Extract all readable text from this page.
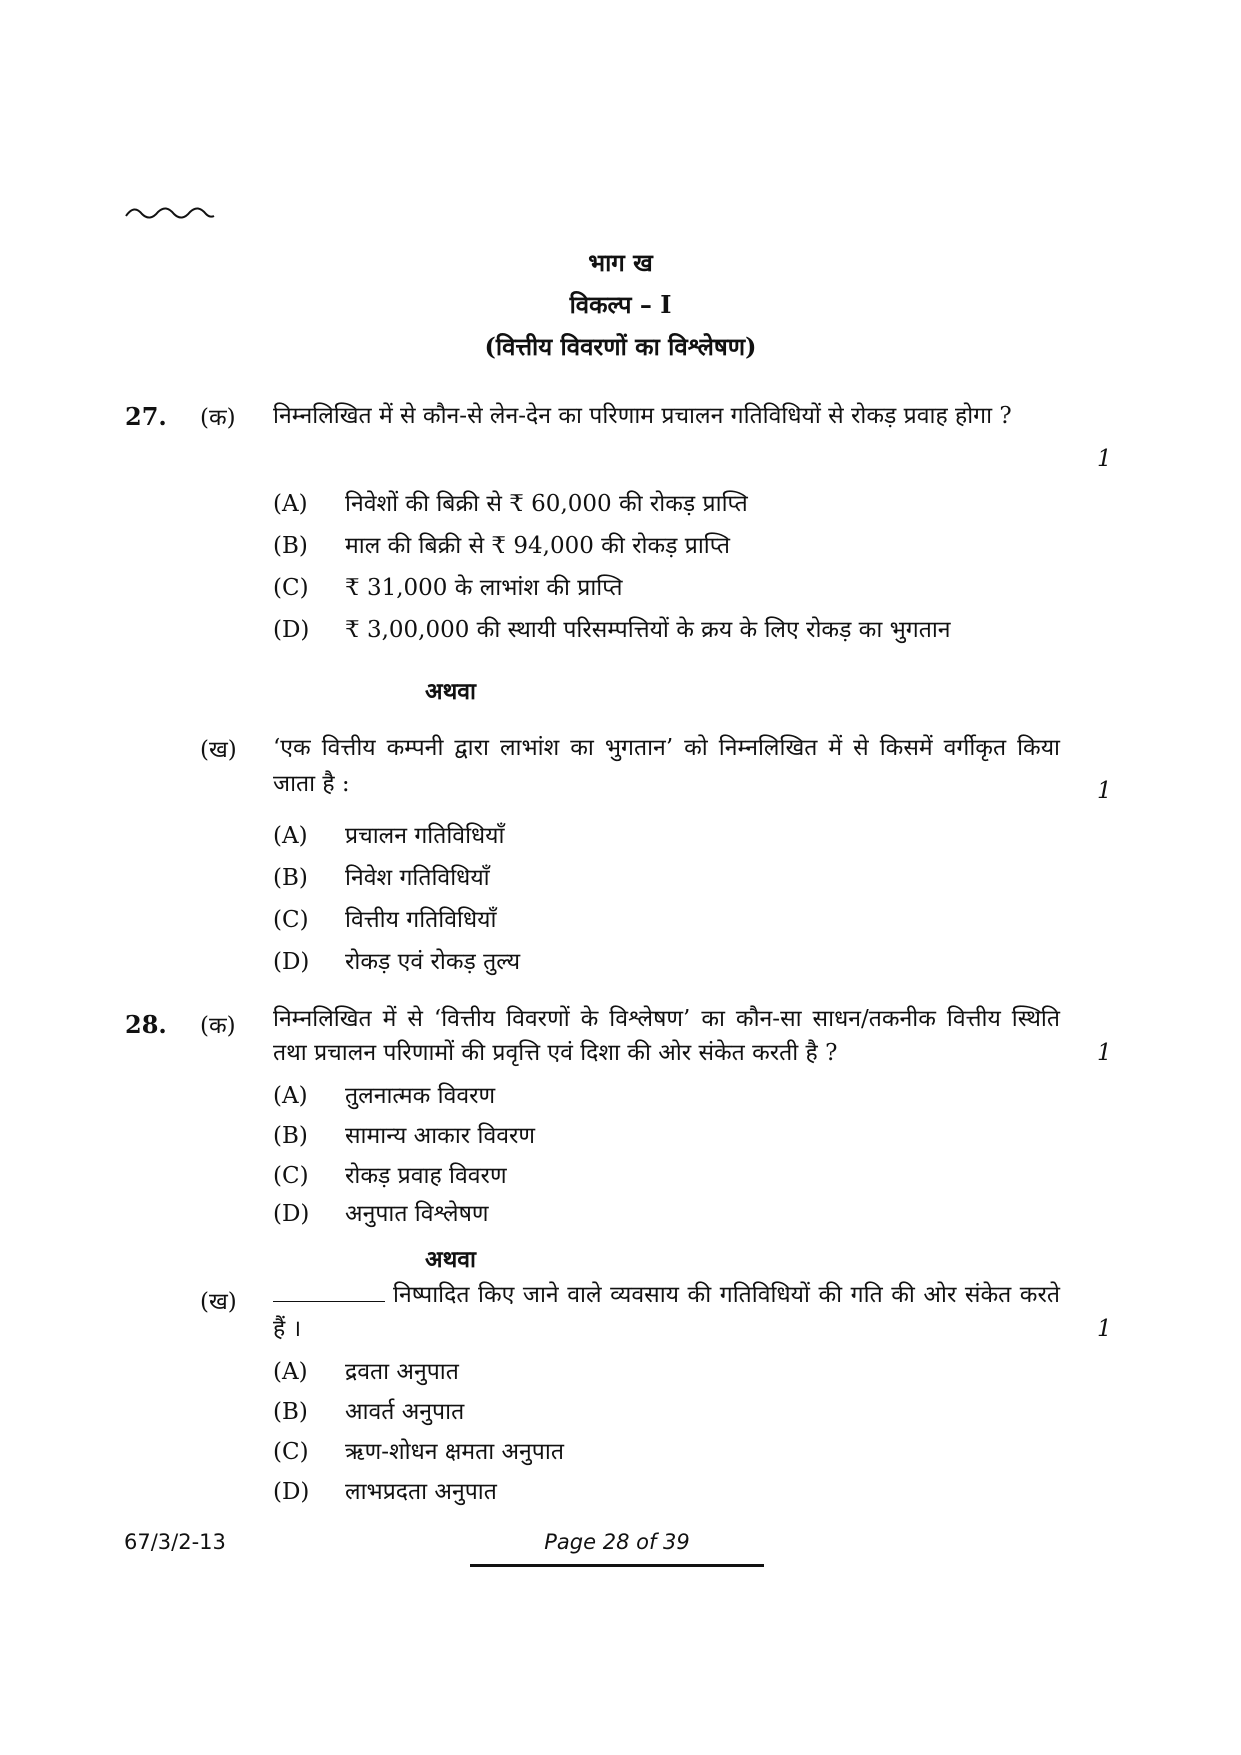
भाग ख
विकल्प – I
(वित्तीय विवरणों का विश्लेषण)
27. (क) निम्नलिखित में से कौन-से लेन-देन का परिणाम प्रचालन गतिविधियों से रोकड़ प्रवाह होगा ?
1
(A) निवेशों की बिक्री से ₹ 60,000 की रोकड़ प्राप्ति
(B) माल की बिक्री से ₹ 94,000 की रोकड़ प्राप्ति
(C) ₹ 31,000 के लाभांश की प्राप्ति
(D) ₹ 3,00,000 की स्थायी परिसम्पत्तियों के क्रय के लिए रोकड़ का भुगतान
अथवा
(ख) ‘एक वित्तीय कम्पनी द्वारा लाभांश का भुगतान’ को निम्नलिखित में से किसमें वर्गीकृत किया जाता है :	1
(A) प्रचालन गतिविधियाँ
(B) निवेश गतिविधियाँ
(C) वित्तीय गतिविधियाँ
(D) रोकड़ एवं रोकड़ तुल्य
28. (क) निम्नलिखित में से ‘वित्तीय विवरणों के विश्लेषण’ का कौन-सा साधन/तकनीक वित्तीय स्थिति तथा प्रचालन परिणामों की प्रवृत्ति एवं दिशा की ओर संकेत करती है ?	1
(A) तुलनात्मक विवरण
(B) सामान्य आकार विवरण
(C) रोकड़ प्रवाह विवरण
(D) अनुपात विश्लेषण
अथवा
(ख)	निष्पादित किए जाने वाले व्यवसाय की गतिविधियों की गति की ओर संकेत करते हैं ।	1
(A) द्रवता अनुपात
(B) आवर्त अनुपात
(C) ऋण-शोधन क्षमता अनुपात
(D) लाभप्रदता अनुपात
67/3/2-13	Page 28 of 39
